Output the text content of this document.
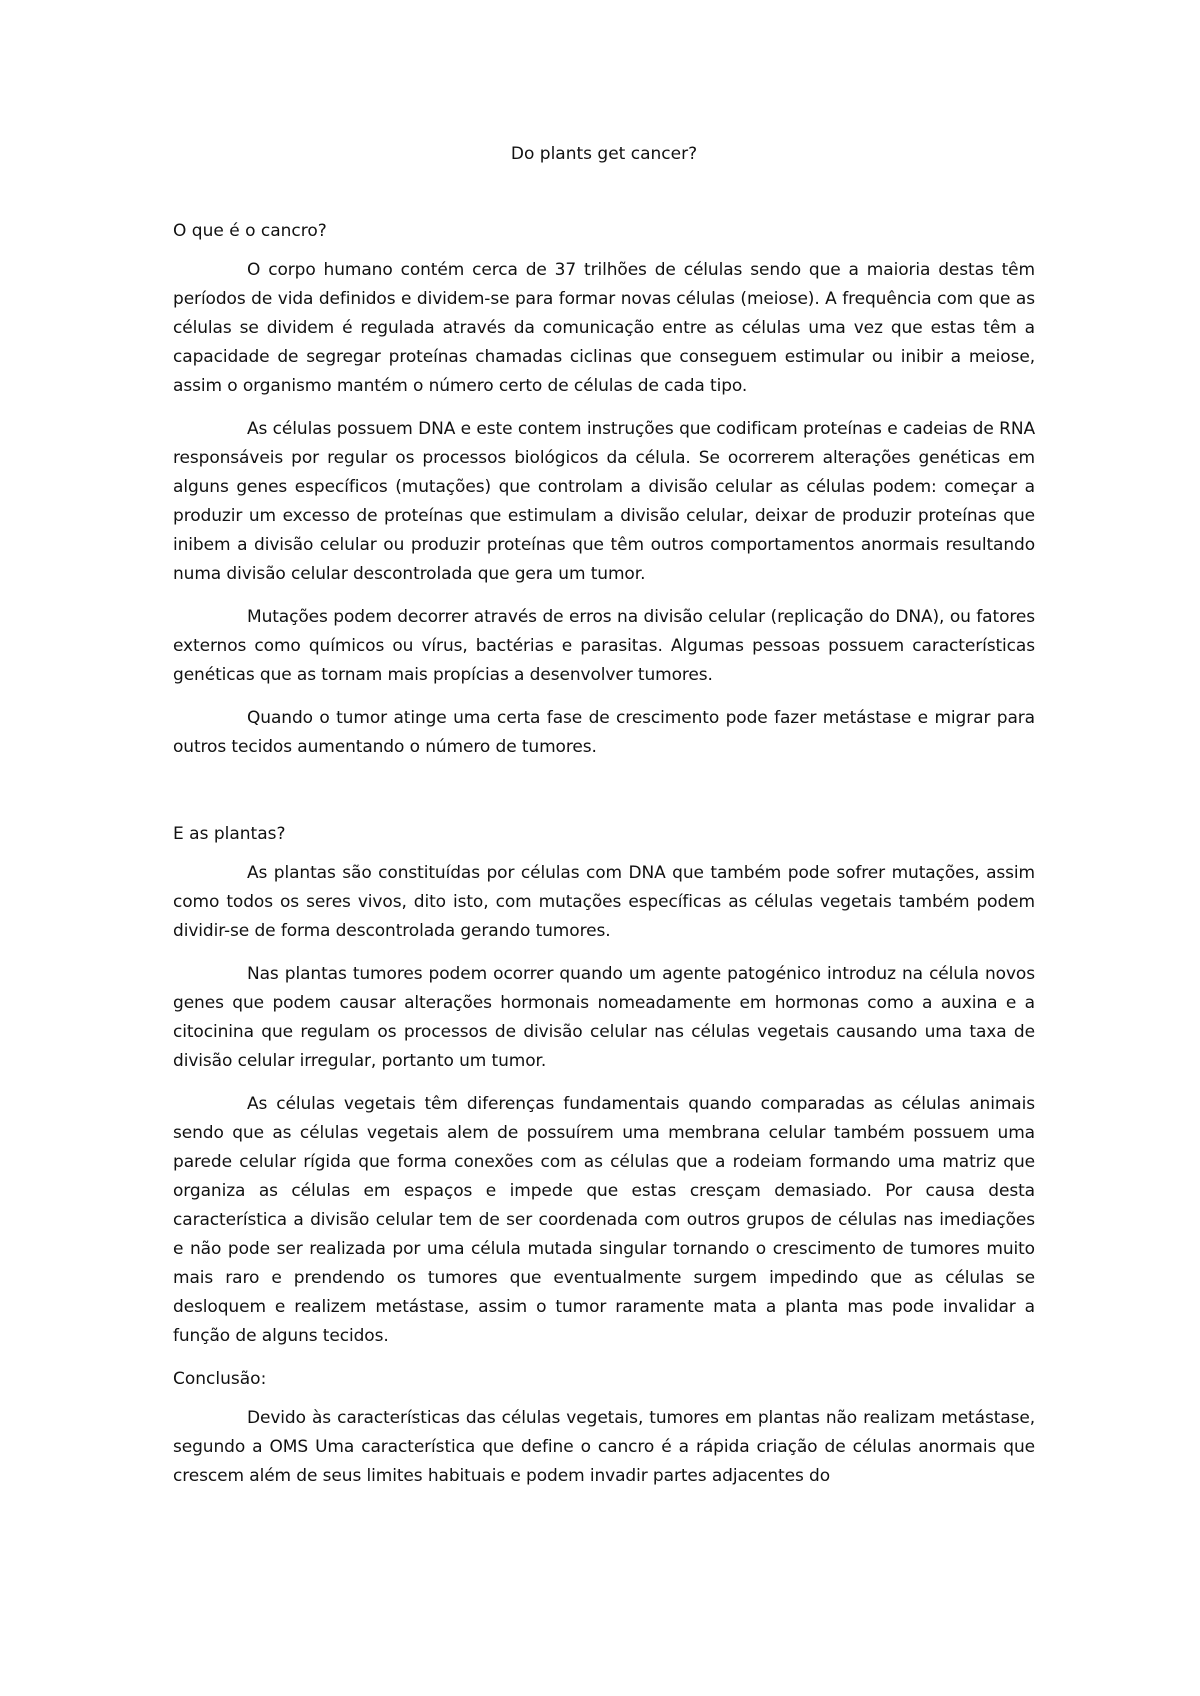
Do plants get cancer?

O que é o cancro?

O corpo humano contém cerca de 37 trilhões de células sendo que a maioria destas têm períodos de vida definidos e dividem-se para formar novas células (meiose). A frequência com que as células se dividem é regulada através da comunicação entre as células uma vez que estas têm a capacidade de segregar proteínas chamadas ciclinas que conseguem estimular ou inibir a meiose, assim o organismo mantém o número certo de células de cada tipo.

As células possuem DNA e este contem instruções que codificam proteínas e cadeias de RNA responsáveis por regular os processos biológicos da célula. Se ocorrerem alterações genéticas em alguns genes específicos (mutações) que controlam a divisão celular as células podem: começar a produzir um excesso de proteínas que estimulam a divisão celular, deixar de produzir proteínas que inibem a divisão celular ou produzir proteínas que têm outros comportamentos anormais resultando numa divisão celular descontrolada que gera um tumor.

Mutações podem decorrer através de erros na divisão celular (replicação do DNA), ou fatores externos como químicos ou vírus, bactérias e parasitas. Algumas pessoas possuem características genéticas que as tornam mais propícias a desenvolver tumores.

Quando o tumor atinge uma certa fase de crescimento pode fazer metástase e migrar para outros tecidos aumentando o número de tumores.

E as plantas?

As plantas são constituídas por células com DNA que também pode sofrer mutações, assim como todos os seres vivos, dito isto, com mutações específicas as células vegetais também podem dividir-se de forma descontrolada gerando tumores.

Nas plantas tumores podem ocorrer quando um agente patogénico introduz na célula novos genes que podem causar alterações hormonais nomeadamente em hormonas como a auxina e a citocinina que regulam os processos de divisão celular nas células vegetais causando uma taxa de divisão celular irregular, portanto um tumor.

As células vegetais têm diferenças fundamentais quando comparadas as células animais sendo que as células vegetais alem de possuírem uma membrana celular também possuem uma parede celular rígida que forma conexões com as células que a rodeiam formando uma matriz que organiza as células em espaços e impede que estas cresçam demasiado. Por causa desta característica a divisão celular tem de ser coordenada com outros grupos de células nas imediações e não pode ser realizada por uma célula mutada singular tornando o crescimento de tumores muito mais raro e prendendo os tumores que eventualmente surgem impedindo que as células se desloquem e realizem metástase, assim o tumor raramente mata a planta mas pode invalidar a função de alguns tecidos.

Conclusão:

Devido às características das células vegetais, tumores em plantas não realizam metástase, segundo a OMS Uma característica que define o cancro é a rápida criação de células anormais que crescem além de seus limites habituais e podem invadir partes adjacentes do
